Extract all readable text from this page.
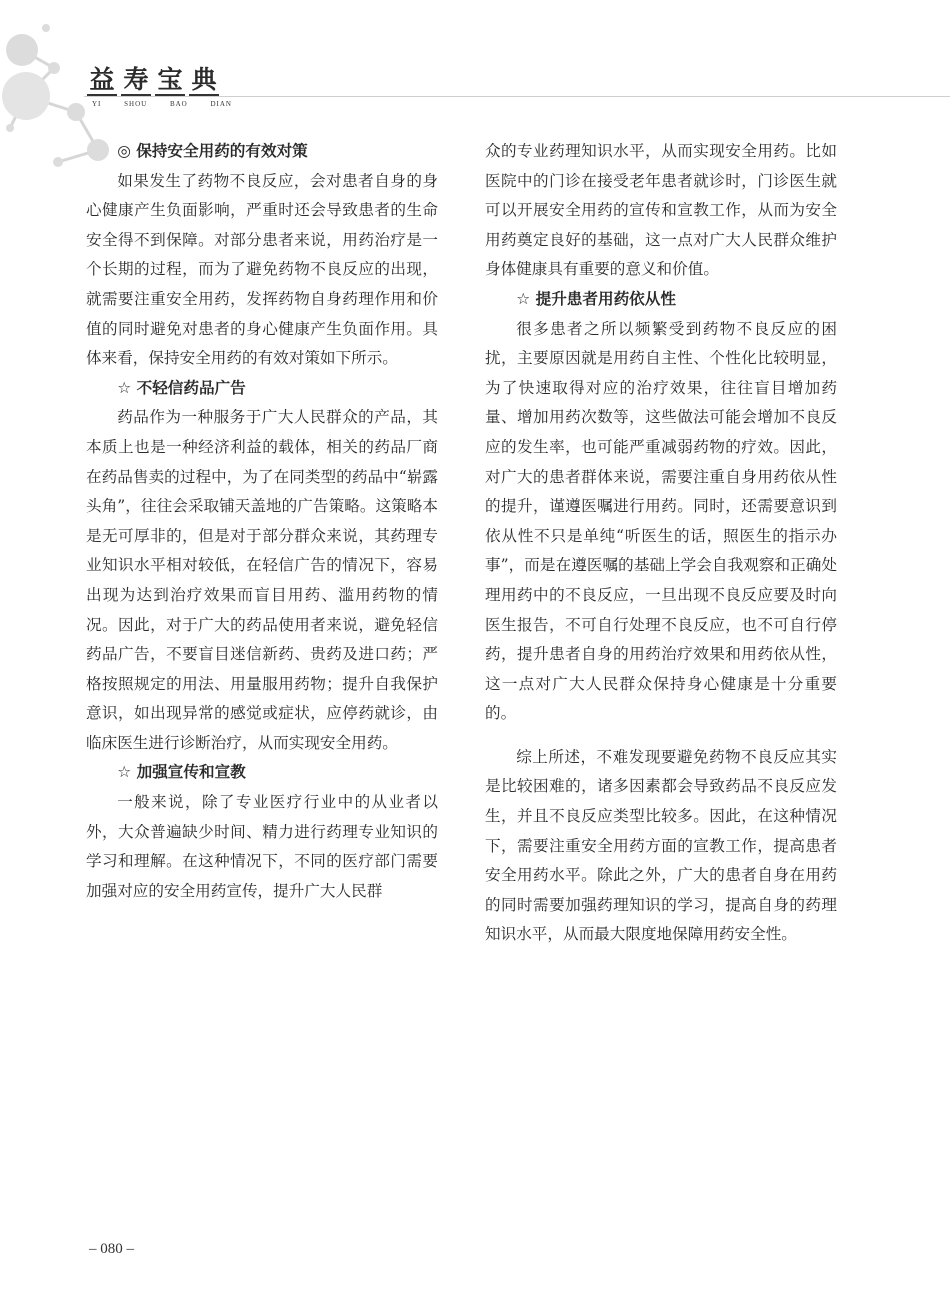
益 寿 宝 典
YI	SHOU	BAO	DIAN
◎ 保持安全用药的有效对策

如果发生了药物不良反应，会对患者自身的身心健康产生负面影响，严重时还会导致患者的生命安全得不到保障。对部分患者来说，用药治疗是一个长期的过程，而为了避免药物不良反应的出现，就需要注重安全用药，发挥药物自身药理作用和价值的同时避免对患者的身心健康产生负面作用。具体来看，保持安全用药的有效对策如下所示。

☆ 不轻信药品广告

药品作为一种服务于广大人民群众的产品，其本质上也是一种经济利益的载体，相关的药品厂商在药品售卖的过程中，为了在同类型的药品中“崭露头角”，往往会采取铺天盖地的广告策略。这策略本是无可厚非的，但是对于部分群众来说，其药理专业知识水平相对较低，在轻信广告的情况下，容易出现为达到治疗效果而盲目用药、滥用药物的情况。因此，对于广大的药品使用者来说，避免轻信药品广告，不要盲目迷信新药、贵药及进口药；严格按照规定的用法、用量服用药物；提升自我保护意识，如出现异常的感觉或症状，应停药就诊，由临床医生进行诊断治疗，从而实现安全用药。

☆ 加强宣传和宣教

一般来说，除了专业医疗行业中的从业者以外，大众普遍缺少时间、精力进行药理专业知识的学习和理解。在这种情况下，不同的医疗部门需要加强对应的安全用药宣传，提升广大人民群

众的专业药理知识水平，从而实现安全用药。比如医院中的门诊在接受老年患者就诊时，门诊医生就可以开展安全用药的宣传和宣教工作，从而为安全用药奠定良好的基础，这一点对广大人民群众维护身体健康具有重要的意义和价值。

☆ 提升患者用药依从性

很多患者之所以频繁受到药物不良反应的困扰，主要原因就是用药自主性、个性化比较明显，为了快速取得对应的治疗效果，往往盲目增加药量、增加用药次数等，这些做法可能会增加不良反应的发生率，也可能严重减弱药物的疗效。因此，对广大的患者群体来说，需要注重自身用药依从性的提升，谨遵医嘱进行用药。同时，还需要意识到依从性不只是单纯“听医生的话，照医生的指示办事”，而是在遵医嘱的基础上学会自我观察和正确处理用药中的不良反应，一旦出现不良反应要及时向医生报告，不可自行处理不良反应，也不可自行停药，提升患者自身的用药治疗效果和用药依从性，这一点对广大人民群众保持身心健康是十分重要的。

综上所述，不难发现要避免药物不良反应其实是比较困难的，诸多因素都会导致药品不良反应发生，并且不良反应类型比较多。因此，在这种情况下，需要注重安全用药方面的宣教工作，提高患者安全用药水平。除此之外，广大的患者自身在用药的同时需要加强药理知识的学习，提高自身的药理知识水平，从而最大限度地保障用药安全性。

– 080 –
